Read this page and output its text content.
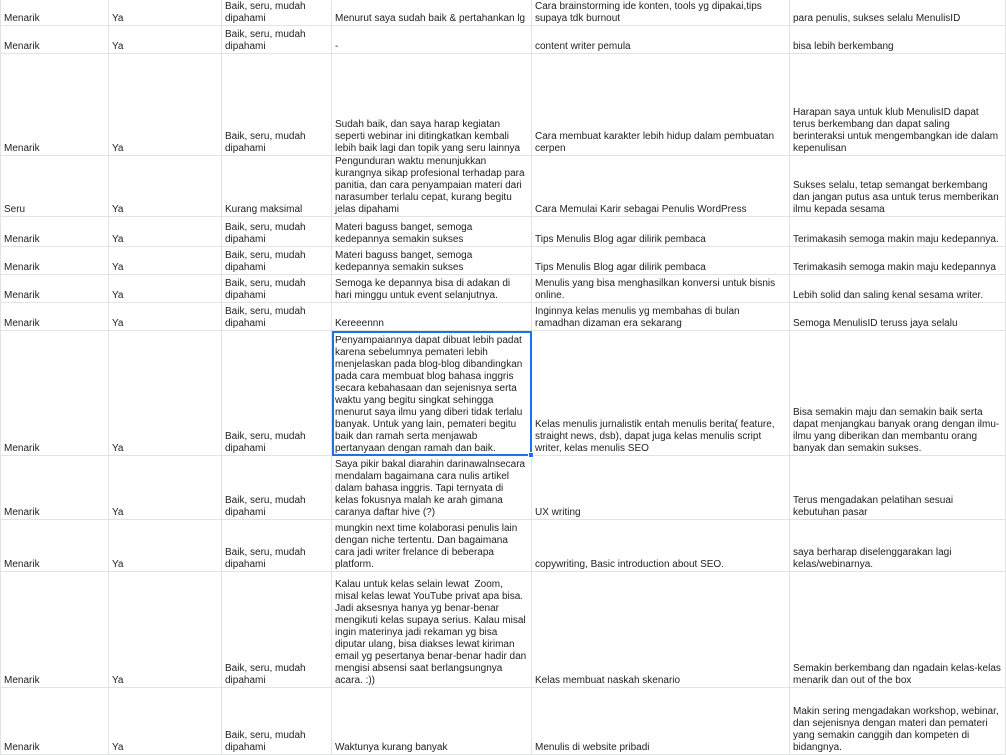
Menarik	Ya	Baik, seru, mudah dipahami	Menurut saya sudah baik & pertahankan lg	Cara brainstorming ide konten, tools yg dipakai,tips supaya tdk burnout	para penulis, sukses selalu MenulisID
Menarik	Ya	Baik, seru, mudah dipahami	-	content writer pemula	bisa lebih berkembang
Menarik	Ya	Baik, seru, mudah dipahami	Sudah baik, dan saya harap kegiatan seperti webinar ini ditingkatkan kembali lebih baik lagi dan topik yang seru lainnya	Cara membuat karakter lebih hidup dalam pembuatan cerpen	Harapan saya untuk klub MenulisID dapat terus berkembang dan dapat saling berinteraksi untuk mengembangkan ide dalam kepenulisan
Seru	Ya	Kurang maksimal	Pengunduran waktu menunjukkan kurangnya sikap profesional terhadap para panitia, dan cara penyampaian materi dari narasumber terlalu cepat, kurang begitu jelas dipahami	Cara Memulai Karir sebagai Penulis WordPress	Sukses selalu, tetap semangat berkembang dan jangan putus asa untuk terus memberikan ilmu kepada sesama
Menarik	Ya	Baik, seru, mudah dipahami	Materi baguss banget, semoga kedepannya semakin sukses	Tips Menulis Blog agar dilirik pembaca	Terimakasih semoga makin maju kedepannya.
Menarik	Ya	Baik, seru, mudah dipahami	Materi baguss banget, semoga kedepannya semakin sukses	Tips Menulis Blog agar dilirik pembaca	Terimakasih semoga makin maju kedepannya
Menarik	Ya	Baik, seru, mudah dipahami	Semoga ke depannya bisa di adakan di hari minggu untuk event selanjutnya.	Menulis yang bisa menghasilkan konversi untuk bisnis online.	Lebih solid dan saling kenal sesama writer.
Menarik	Ya	Baik, seru, mudah dipahami	Kereeennn	Inginnya kelas menulis yg membahas di bulan ramadhan dizaman era sekarang	Semoga MenulisID teruss jaya selalu
Menarik	Ya	Baik, seru, mudah dipahami	Penyampaiannya dapat dibuat lebih padat karena sebelumnya pemateri lebih menjelaskan pada blog-blog dibandingkan pada cara membuat blog bahasa inggris secara kebahasaan dan sejenisnya serta waktu yang begitu singkat sehingga menurut saya ilmu yang diberi tidak terlalu banyak. Untuk yang lain, pemateri begitu baik dan ramah serta menjawab pertanyaan dengan ramah dan baik.	Kelas menulis jurnalistik entah menulis berita( feature, straight news, dsb), dapat juga kelas menulis script writer, kelas menulis SEO	Bisa semakin maju dan semakin baik serta dapat menjangkau banyak orang dengan ilmu-ilmu yang diberikan dan membantu orang banyak dan semakin sukses.
Menarik	Ya	Baik, seru, mudah dipahami	Saya pikir bakal diarahin darinawalnsecara mendalam bagaimana cara nulis artikel dalam bahasa inggris. Tapi ternyata di kelas fokusnya malah ke arah gimana caranya daftar hive (?)	UX writing	Terus mengadakan pelatihan sesuai kebutuhan pasar
Menarik	Ya	Baik, seru, mudah dipahami	mungkin next time kolaborasi penulis lain dengan niche tertentu. Dan bagaimana cara jadi writer frelance di beberapa platform.	copywriting, Basic introduction about SEO.	saya berharap diselenggarakan lagi kelas/webinarnya.
Menarik	Ya	Baik, seru, mudah dipahami	Kalau untuk kelas selain lewat  Zoom, misal kelas lewat YouTube privat apa bisa. Jadi aksesnya hanya yg benar-benar mengikuti kelas supaya serius. Kalau misal ingin materinya jadi rekaman yg bisa diputar ulang, bisa diakses lewat kiriman email yg pesertanya benar-benar hadir dan mengisi absensi saat berlangsungnya acara. :))	Kelas membuat naskah skenario	Semakin berkembang dan ngadain kelas-kelas menarik dan out of the box
Menarik	Ya	Baik, seru, mudah dipahami	Waktunya kurang banyak	Menulis di website pribadi	Makin sering mengadakan workshop, webinar, dan sejenisnya dengan materi dan pemateri yang semakin canggih dan kompeten di bidangnya.
